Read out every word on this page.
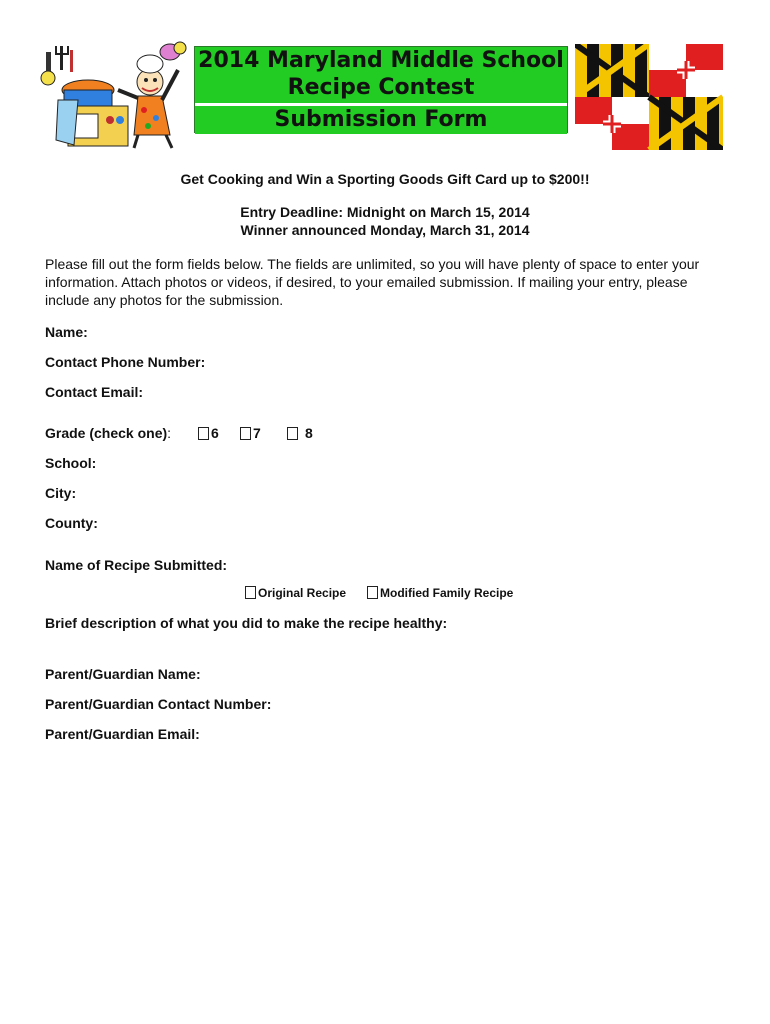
2014 Maryland Middle School
Recipe Contest
Submission Form
Get Cooking and Win a Sporting Goods Gift Card up to $200!!
Entry Deadline: Midnight on March 15, 2014
Winner announced Monday, March 31, 2014
Please fill out the form fields below. The fields are unlimited, so you will have plenty of space to enter your information. Attach photos or videos, if desired, to your emailed submission. If mailing your entry, please include any photos for the submission.
Name:
Contact Phone Number:
Contact Email:
Grade (check one):	6	7	8
School:
City:
County:
Name of Recipe Submitted:
Original Recipe	Modified Family Recipe
Brief description of what you did to make the recipe healthy:
Parent/Guardian Name:
Parent/Guardian Contact Number:
Parent/Guardian Email:
